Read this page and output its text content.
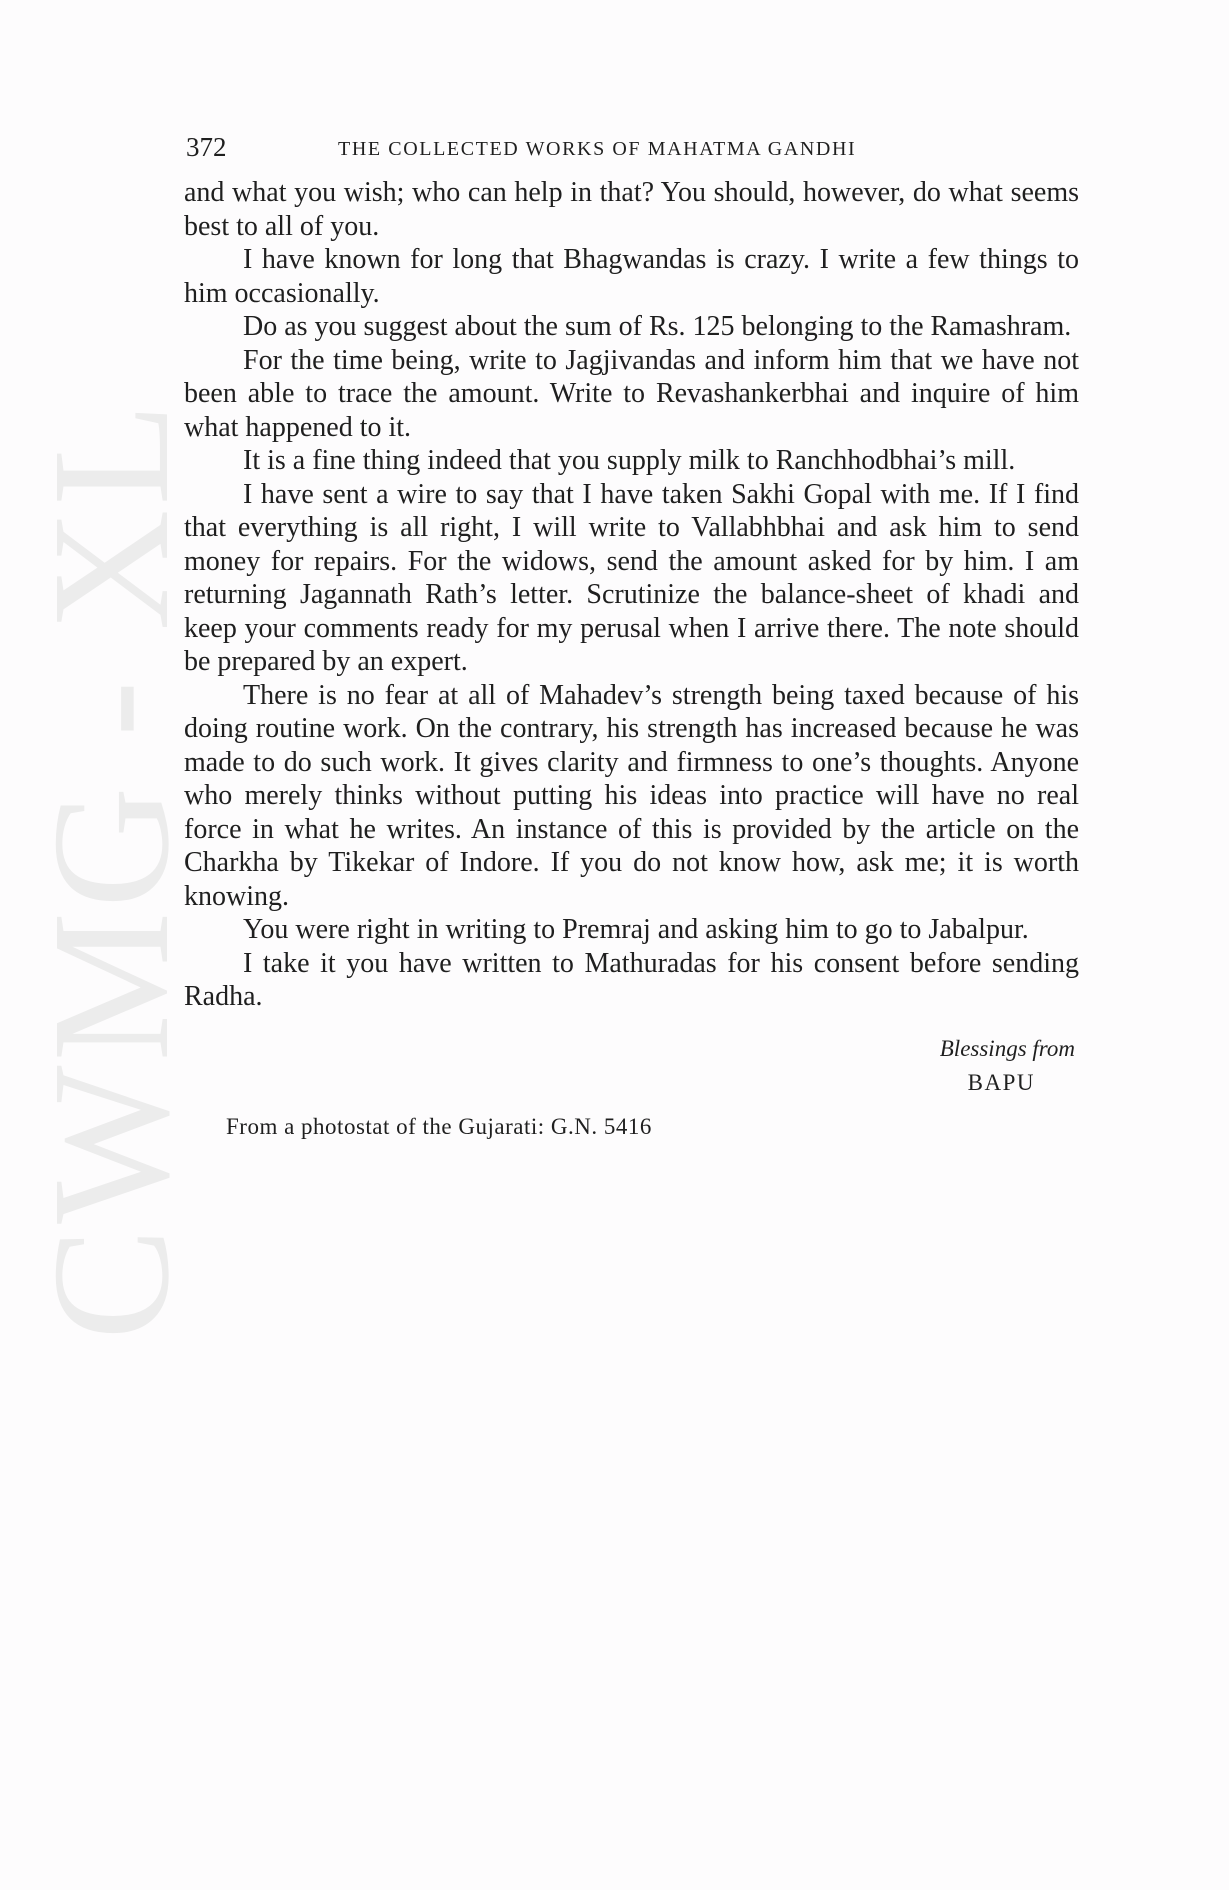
CWMG - XL
372	THE COLLECTED WORKS OF MAHATMA GANDHI

and what you wish; who can help in that? You should, however, do what seems best to all of you.

I have known for long that Bhagwandas is crazy. I write a few things to him occasionally.

Do as you suggest about the sum of Rs. 125 belonging to the Ramashram.

For the time being, write to Jagjivandas and inform him that we have not been able to trace the amount. Write to Revashankerbhai and inquire of him what happened to it.

It is a fine thing indeed that you supply milk to Ranchhodbhai’s mill.

I have sent a wire to say that I have taken Sakhi Gopal with me. If I find that everything is all right, I will write to Vallabhbhai and ask him to send money for repairs. For the widows, send the amount asked for by him. I am returning Jagannath Rath’s letter. Scrutinize the balance-sheet of khadi and keep your comments ready for my perusal when I arrive there. The note should be prepared by an expert.

There is no fear at all of Mahadev’s strength being taxed because of his doing routine work. On the contrary, his strength has increased because he was made to do such work. It gives clarity and firmness to one’s thoughts. Anyone who merely thinks without putting his ideas into practice will have no real force in what he writes. An instance of this is provided by the article on the Charkha by Tikekar of Indore. If you do not know how, ask me; it is worth knowing.

You were right in writing to Premraj and asking him to go to Jabalpur.

I take it you have written to Mathuradas for his consent before sending Radha.

Blessings from
BAPU
From a photostat of the Gujarati: G.N. 5416
